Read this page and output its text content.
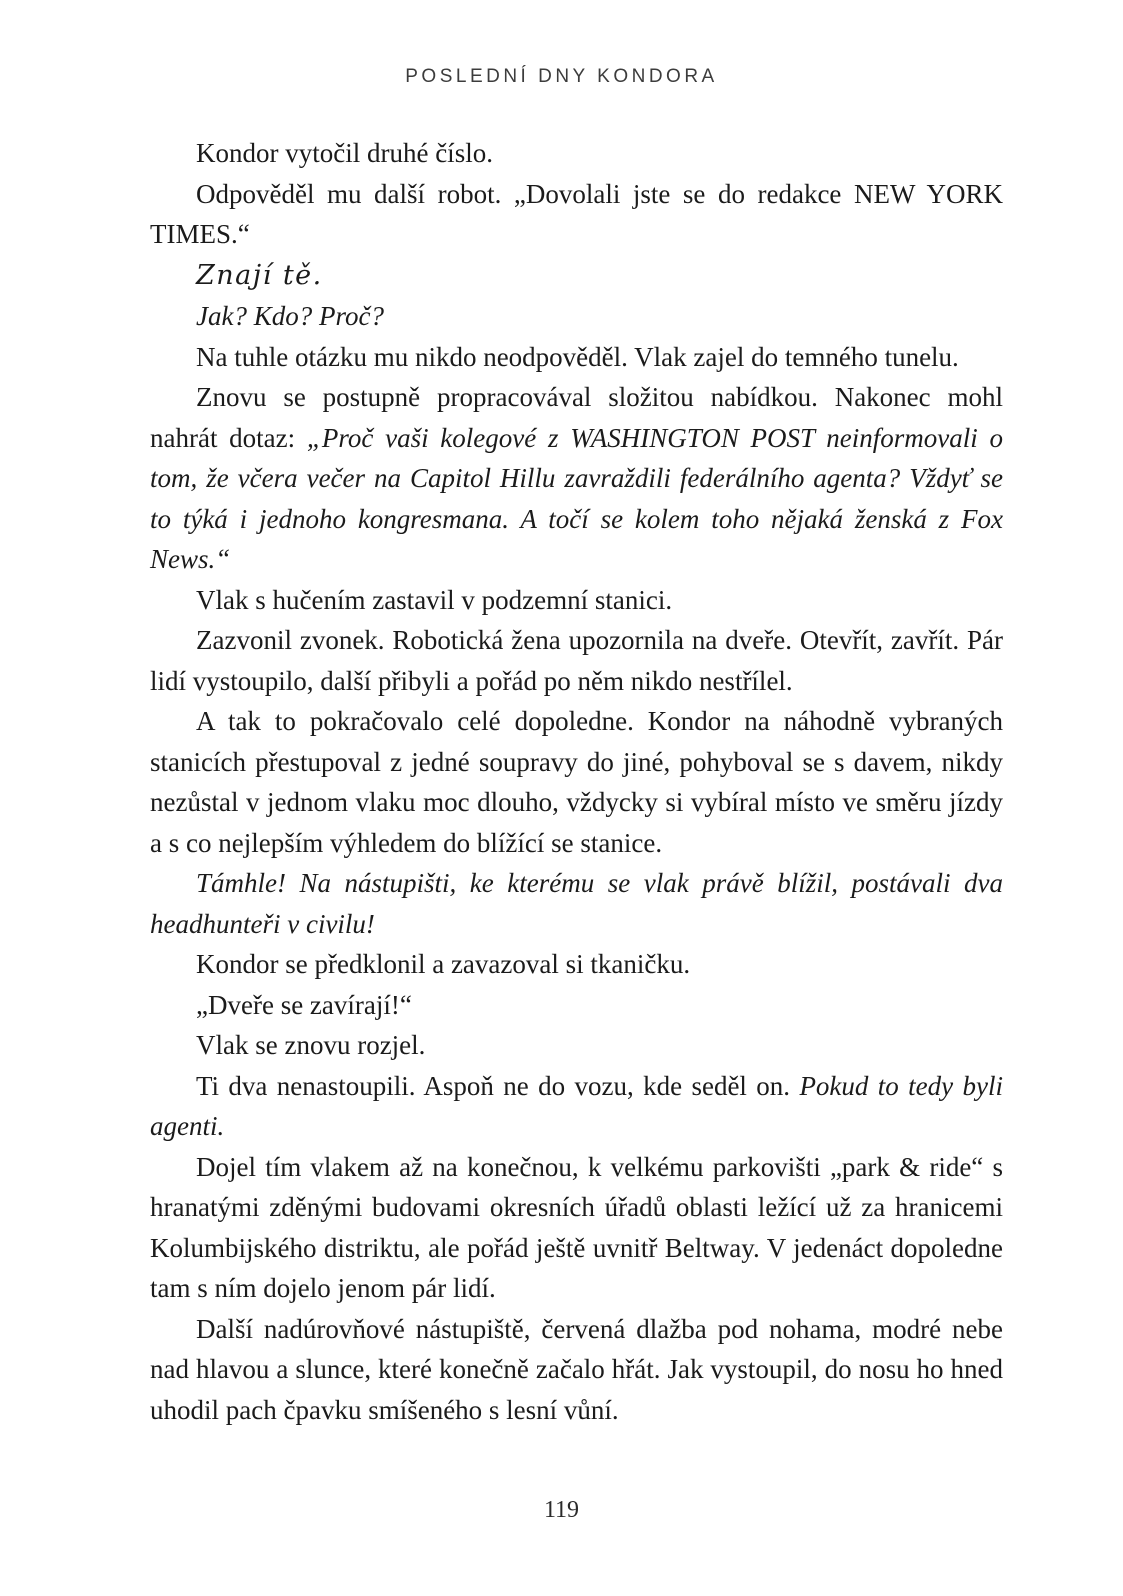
POSLEDNÍ DNY KONDORA

Kondor vytočil druhé číslo.

Odpověděl mu další robot. „Dovolali jste se do redakce NEW YORK TIMES.“

Znají tě.

Jak? Kdo? Proč?

Na tuhle otázku mu nikdo neodpověděl. Vlak zajel do temného tunelu.

Znovu se postupně propracovával složitou nabídkou. Nakonec mohl nahrát dotaz: „Proč vaši kolegové z WASHINGTON POST neinformovali o tom, že včera večer na Capitol Hillu zavraždili federálního agenta? Vždyť se to týká i jednoho kongresmana. A točí se kolem toho nějaká ženská z Fox News.“

Vlak s hučením zastavil v podzemní stanici.

Zazvonil zvonek. Robotická žena upozornila na dveře. Otevřít, zavřít. Pár lidí vystoupilo, další přibyli a pořád po něm nikdo nestřílel.

A tak to pokračovalo celé dopoledne. Kondor na náhodně vybraných stanicích přestupoval z jedné soupravy do jiné, pohyboval se s davem, nikdy nezůstal v jednom vlaku moc dlouho, vždycky si vybíral místo ve směru jízdy a s co nejlepším výhledem do blížící se stanice.

Támhle! Na nástupišti, ke kterému se vlak právě blížil, postávali dva headhunteři v civilu!

Kondor se předklonil a zavazoval si tkaničku.

„Dveře se zavírají!“

Vlak se znovu rozjel.

Ti dva nenastoupili. Aspoň ne do vozu, kde seděl on. Pokud to tedy byli agenti.

Dojel tím vlakem až na konečnou, k velkému parkovišti „park & ride“ s hranatými zděnými budovami okresních úřadů oblasti ležící už za hranicemi Kolumbijského distriktu, ale pořád ještě uvnitř Beltway. V jedenáct dopoledne tam s ním dojelo jenom pár lidí.

Další nadúrovňové nástupiště, červená dlažba pod nohama, modré nebe nad hlavou a slunce, které konečně začalo hřát. Jak vystoupil, do nosu ho hned uhodil pach čpavku smíšeného s lesní vůní.

119
